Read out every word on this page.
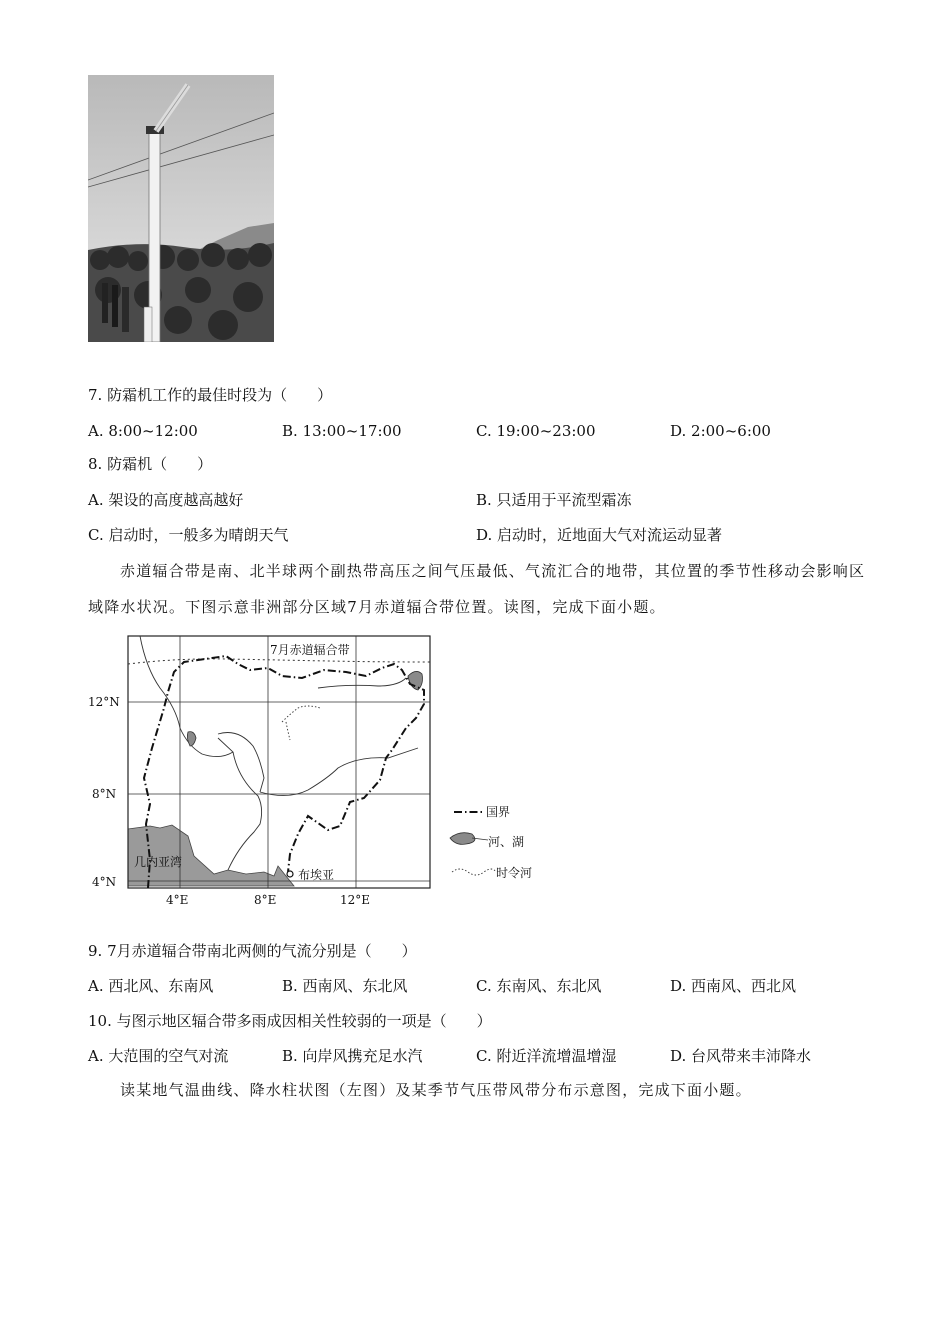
7. 防霜机工作的最佳时段为（　　）
A. 8:00~12:00	B. 13:00~17:00	C. 19:00~23:00	D. 2:00~6:00
8. 防霜机（　　）
A. 架设的高度越高越好	B. 只适用于平流型霜冻
C. 启动时，一般多为晴朗天气	D. 启动时，近地面大气对流运动显著
赤道辐合带是南、北半球两个副热带高压之间气压最低、气流汇合的地带，其位置的季节性移动会影响区域降水状况。下图示意非洲部分区域7月赤道辐合带位置。读图，完成下面小题。
7月赤道辐合带
12°N
8°N
4°N
4°E	8°E	12°E
几内亚湾
布埃亚
国界
河、湖
时令河
9. 7月赤道辐合带南北两侧的气流分别是（　　）
A. 西北风、东南风	B. 西南风、东北风	C. 东南风、东北风	D. 西南风、西北风
10. 与图示地区辐合带多雨成因相关性较弱的一项是（　　）
A. 大范围的空气对流	B. 向岸风携充足水汽	C. 附近洋流增温增湿	D. 台风带来丰沛降水
读某地气温曲线、降水柱状图（左图）及某季节气压带风带分布示意图，完成下面小题。
